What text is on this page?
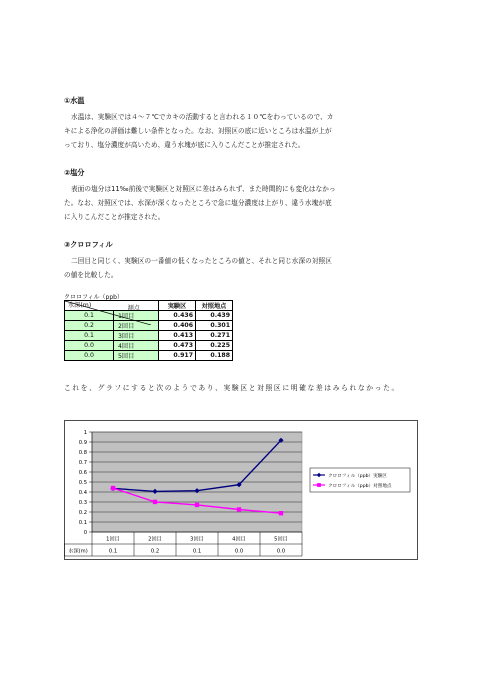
①水温
水温は、実験区では４～７℃でカキの活動すると言われる１０℃をわっているので、カ
キによる浄化の評価は難しい条件となった。なお、対照区の底に近いところは水温が上が
っており、塩分濃度が高いため、違う水塊が底に入りこんだことが推定された。
②塩分
表面の塩分は11‰前後で実験区と対照区に差はみられず、また時間的にも変化はなかっ
た。なお、対照区では、水深が深くなったところで急に塩分濃度は上がり、違う水塊が底
に入りこんだことが推定された。
③クロロフィル
二回目と同じく、実験区の一番値の低くなったところの値と、それと同じ水深の対照区
の値を比較した。
クロロフィル（ppb）
測点
水深(m)		実験区	対照地点
0.1	1回目	0.436	0.439
0.2	2回目	0.406	0.301
0.1	3回目	0.413	0.271
0.0	4回目	0.473	0.225
0.0	5回目	0.917	0.188
これを、グラフにすると次のようであり、実験区と対照区に明確な差はみられなかった。
0
0.1
0.2
0.3
0.4
0.5
0.6
0.7
0.8
0.9
1
1回目	2回目	3回目	4回目	5回目
水深(m)	0.1	0.2	0.1	0.0	0.0
クロロフィル（ppb）実験区
クロロフィル（ppb）対照地点
